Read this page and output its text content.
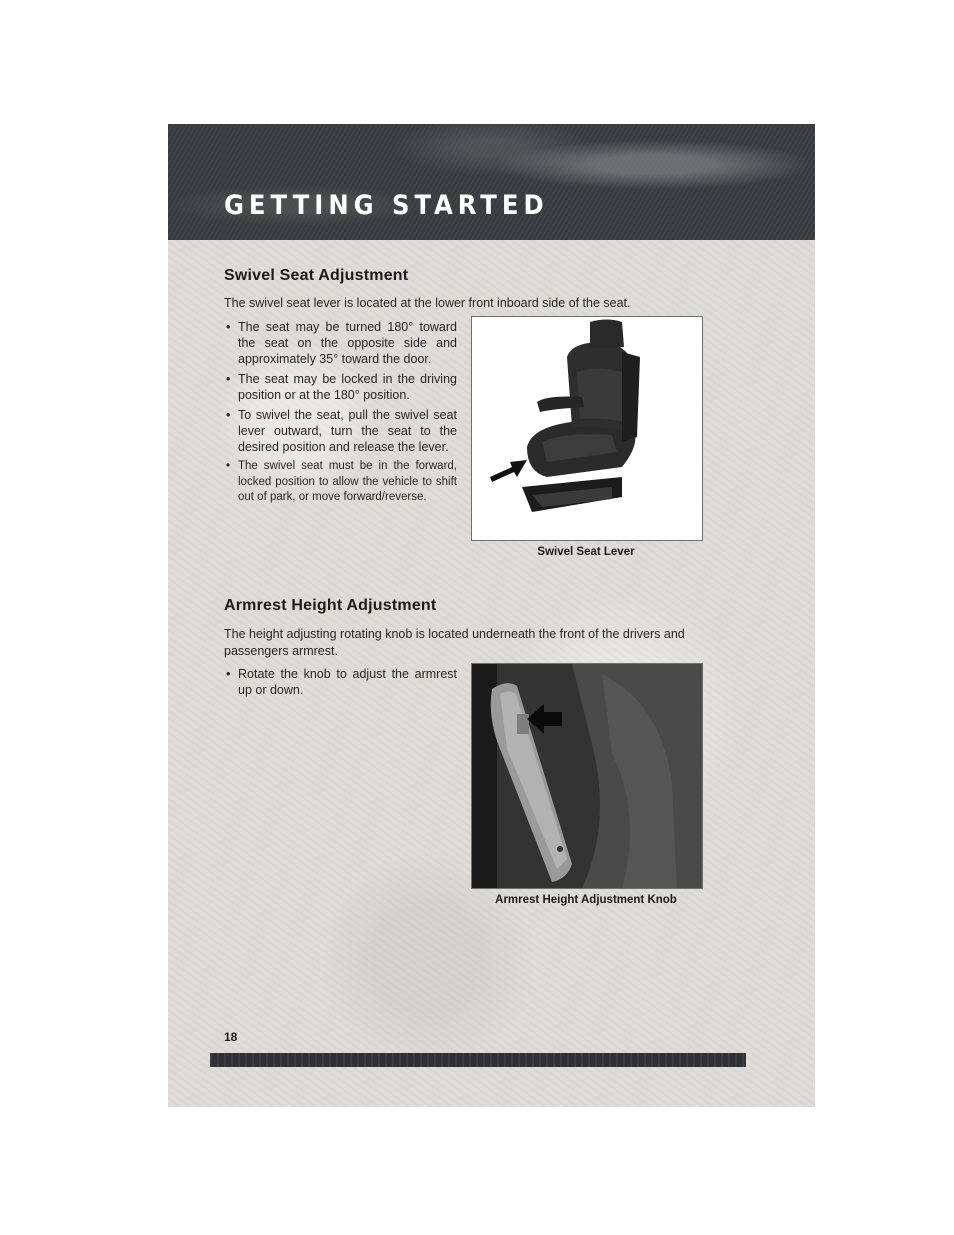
GETTING STARTED
Swivel Seat Adjustment

The swivel seat lever is located at the lower front inboard side of the seat.

• The seat may be turned 180° toward the seat on the opposite side and approximately 35° toward the door.
• The seat may be locked in the driving position or at the 180° position.
• To swivel the seat, pull the swivel seat lever outward, turn the seat to the desired position and release the lever.
• The swivel seat must be in the forward, locked position to allow the vehicle to shift out of park, or move forward/reverse.
Swivel Seat Lever
Armrest Height Adjustment

The height adjusting rotating knob is located underneath the front of the drivers and passengers armrest.

• Rotate the knob to adjust the armrest up or down.
Armrest Height Adjustment Knob
18
